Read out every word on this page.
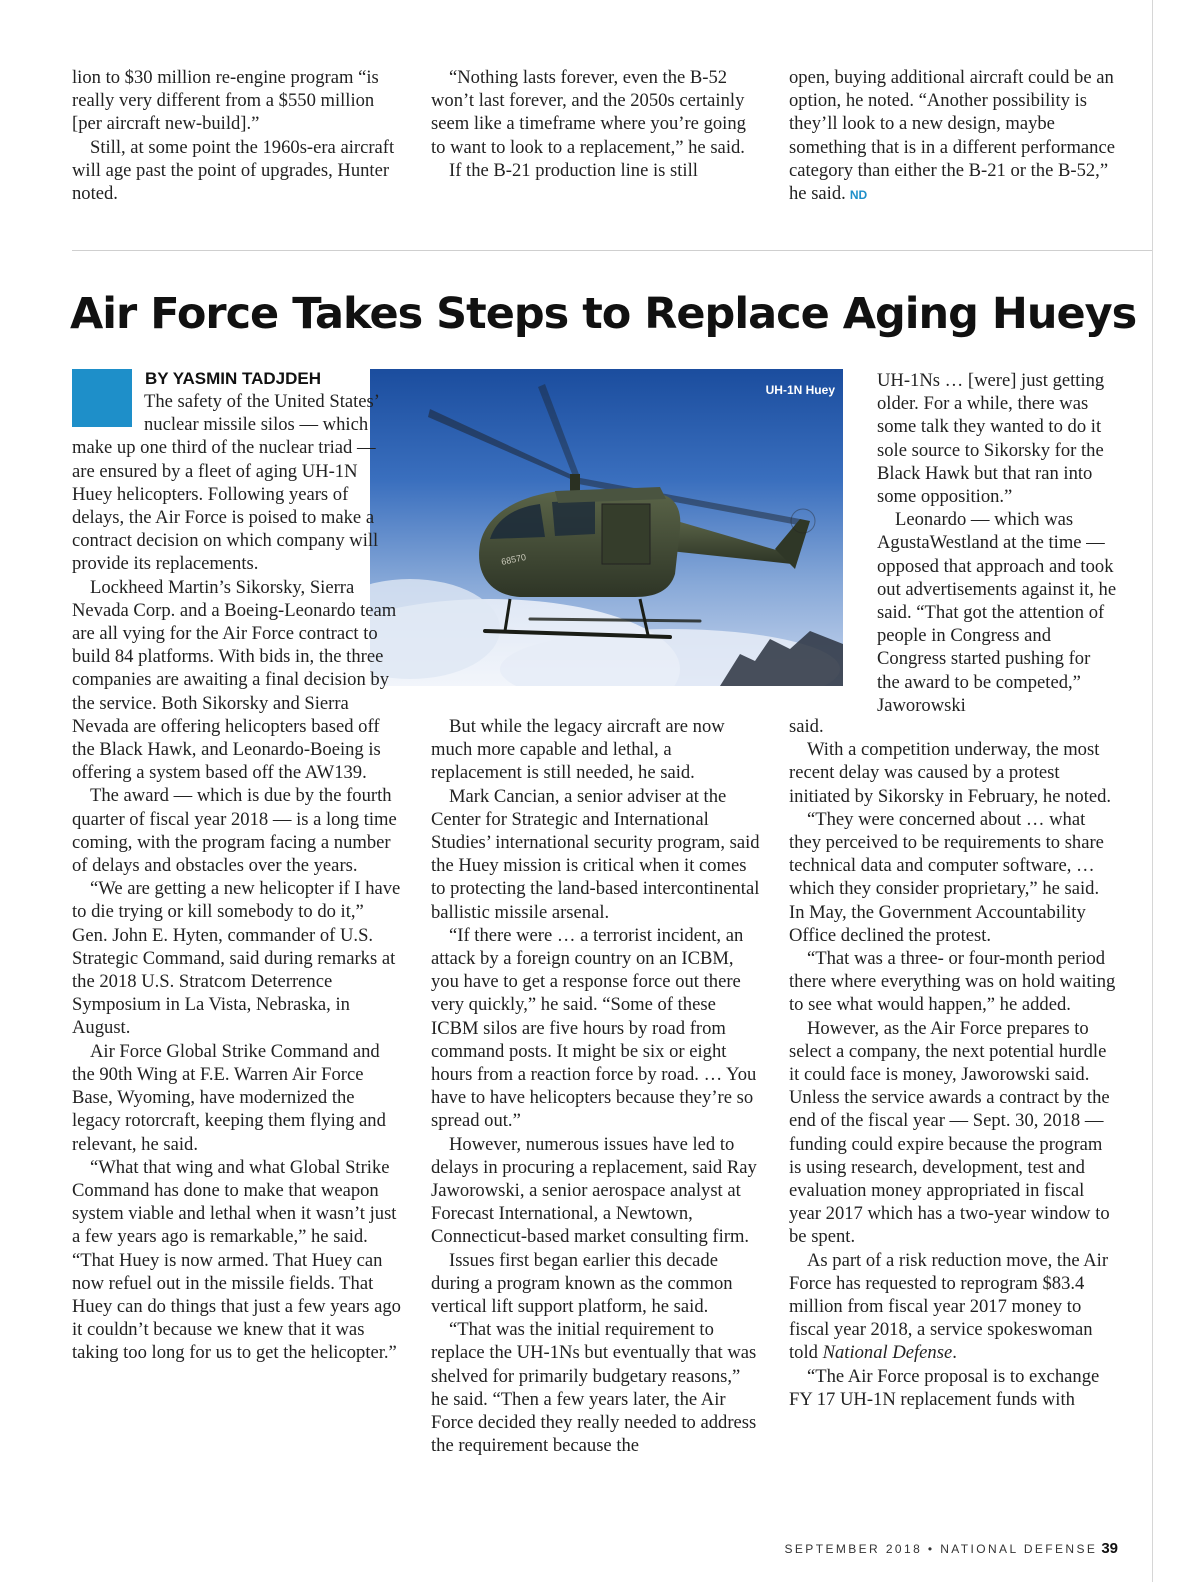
lion to $30 million re-engine program “is really very different from a $550 million [per aircraft new-build].”

Still, at some point the 1960s-era aircraft will age past the point of upgrades, Hunter noted.

“Nothing lasts forever, even the B-52 won’t last forever, and the 2050s certainly seem like a timeframe where you’re going to want to look to a replacement,” he said.

If the B-21 production line is still

open, buying additional aircraft could be an option, he noted. “Another possibility is they’ll look to a new design, maybe something that is in a different performance category than either the B-21 or the B-52,” he said. ND

Air Force Takes Steps to Replace Aging Hueys
BY YASMIN TADJDEH
68570
UH-1N Huey

The safety of the United States’ nuclear missile silos — which make up one third of the nuclear triad — are ensured by a fleet of aging UH-1N Huey helicopters. Following years of delays, the Air Force is poised to make a contract decision on which company will provide its replacements.

Lockheed Martin’s Sikorsky, Sierra Nevada Corp. and a Boeing-Leonardo team are all vying for the Air Force contract to build 84 platforms. With bids in, the three companies are awaiting a final decision by the service. Both Sikorsky and Sierra Nevada are offering helicopters based off the Black Hawk, and Leonardo-Boeing is offering a system based off the AW139.

The award — which is due by the fourth quarter of fiscal year 2018 — is a long time coming, with the program facing a number of delays and obstacles over the years.

“We are getting a new helicopter if I have to die trying or kill somebody to do it,” Gen. John E. Hyten, commander of U.S. Strategic Command, said during remarks at the 2018 U.S. Stratcom Deterrence Symposium in La Vista, Nebraska, in August.

Air Force Global Strike Command and the 90th Wing at F.E. Warren Air Force Base, Wyoming, have modernized the legacy rotorcraft, keeping them flying and relevant, he said.

“What that wing and what Global Strike Command has done to make that weapon system viable and lethal when it wasn’t just a few years ago is remarkable,” he said. “That Huey is now armed. That Huey can now refuel out in the missile fields. That Huey can do things that just a few years ago it couldn’t because we knew that it was taking too long for us to get the helicopter.”

But while the legacy aircraft are now much more capable and lethal, a replacement is still needed, he said.

Mark Cancian, a senior adviser at the Center for Strategic and International Studies’ international security program, said the Huey mission is critical when it comes to protecting the land-based intercontinental ballistic missile arsenal.

“If there were … a terrorist incident, an attack by a foreign country on an ICBM, you have to get a response force out there very quickly,” he said. “Some of these ICBM silos are five hours by road from command posts. It might be six or eight hours from a reaction force by road. … You have to have helicopters because they’re so spread out.”

However, numerous issues have led to delays in procuring a replacement, said Ray Jaworowski, a senior aerospace analyst at Forecast International, a Newtown, Connecticut-based market consulting firm.

Issues first began earlier this decade during a program known as the common vertical lift support platform, he said.

“That was the initial requirement to replace the UH-1Ns but eventually that was shelved for primarily budgetary reasons,” he said. “Then a few years later, the Air Force decided they really needed to address the requirement because the

UH-1Ns … [were] just getting older. For a while, there was some talk they wanted to do it sole source to Sikorsky for the Black Hawk but that ran into some opposition.”

Leonardo — which was AgustaWestland at the time — opposed that approach and took out advertisements against it, he said. “That got the attention of people in Congress and Congress started pushing for the award to be competed,” Jaworowski

said.

With a competition underway, the most recent delay was caused by a protest initiated by Sikorsky in February, he noted.

“They were concerned about … what they perceived to be requirements to share technical data and computer software, … which they consider proprietary,” he said. In May, the Government Accountability Office declined the protest.

“That was a three- or four-month period there where everything was on hold waiting to see what would happen,” he added.

However, as the Air Force prepares to select a company, the next potential hurdle it could face is money, Jaworowski said. Unless the service awards a contract by the end of the fiscal year — Sept. 30, 2018 — funding could expire because the program is using research, development, test and evaluation money appropriated in fiscal year 2017 which has a two-year window to be spent.

As part of a risk reduction move, the Air Force has requested to reprogram $83.4 million from fiscal year 2017 money to fiscal year 2018, a service spokeswoman told National Defense.

“The Air Force proposal is to exchange FY 17 UH-1N replacement funds with

SEPTEMBER 2018 • NATIONAL DEFENSE 39
